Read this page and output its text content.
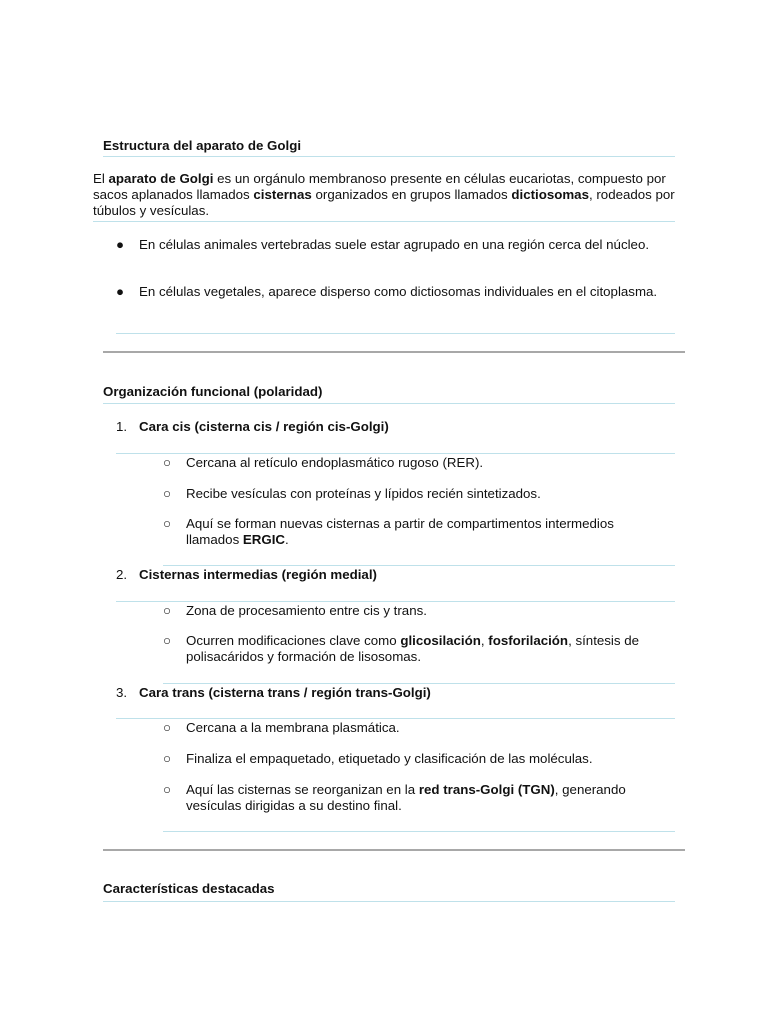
Estructura del aparato de Golgi
El aparato de Golgi es un orgánulo membranoso presente en células eucariotas, compuesto por sacos aplanados llamados cisternas organizados en grupos llamados dictiosomas, rodeados por túbulos y vesículas.
● En células animales vertebradas suele estar agrupado en una región cerca del núcleo.
● En células vegetales, aparece disperso como dictiosomas individuales en el citoplasma.
Organización funcional (polaridad)
1. Cara cis (cisterna cis / región cis-Golgi)
○ Cercana al retículo endoplasmático rugoso (RER).
○ Recibe vesículas con proteínas y lípidos recién sintetizados.
○ Aquí se forman nuevas cisternas a partir de compartimentos intermedios llamados ERGIC.
2. Cisternas intermedias (región medial)
○ Zona de procesamiento entre cis y trans.
○ Ocurren modificaciones clave como glicosilación, fosforilación, síntesis de polisacáridos y formación de lisosomas.
3. Cara trans (cisterna trans / región trans-Golgi)
○ Cercana a la membrana plasmática.
○ Finaliza el empaquetado, etiquetado y clasificación de las moléculas.
○ Aquí las cisternas se reorganizan en la red trans-Golgi (TGN), generando vesículas dirigidas a su destino final.
Características destacadas
